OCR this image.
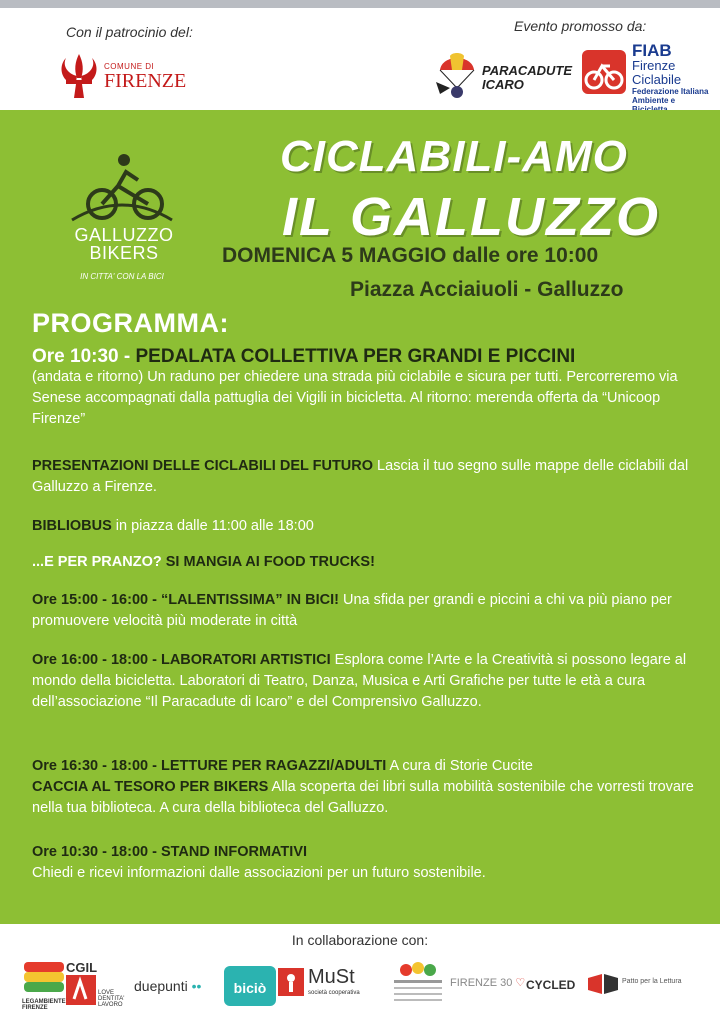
Con il patrocinio del:	Evento promosso da:
COMUNE DI
FIRENZE	PARACADUTE
ICARO
FIAB
Firenze
Ciclabile
Federazione Italiana
Ambiente e
GALLUZZO
BIKERS
IN CITTA' CON LA BICI
CICLABILI-AMO
IL GALLUZZO
DOMENICA 5 MAGGIO dalle ore 10:00
Piazza Acciaiuoli - Galluzzo
PROGRAMMA:
Ore 10:30 - PEDALATA COLLETTIVA PER GRANDI E PICCINI
(andata e ritorno) Un raduno per chiedere una strada più ciclabile e sicura per tutti. Percorreremo via Senese accompagnati dalla pattuglia dei Vigili in bicicletta. Al ritorno: merenda offerta da “Unicoop Firenze”
PRESENTAZIONI DELLE CICLABILI DEL FUTURO Lascia il tuo segno sulle mappe delle ciclabili dal Galluzzo a Firenze.
BIBLIOBUS in piazza dalle 11:00 alle 18:00
...E PER PRANZO? SI MANGIA AI FOOD TRUCKS!
Ore 15:00 - 16:00 - “LALENTISSIMA” IN BICI! Una sfida per grandi e piccini a chi va più piano per promuovere velocità più moderate in città
Ore 16:00 - 18:00 - LABORATORI ARTISTICI Esplora come l’Arte e la Creatività si possono legare al mondo della bicicletta. Laboratori di Teatro, Danza, Musica e Arti Grafiche per tutte le età a cura dell’associazione “Il Paracadute di Icaro” e del Comprensivo Galluzzo.
Ore 16:30 - 18:00 - LETTURE PER RAGAZZI/ADULTI A cura di Storie Cucite
CACCIA AL TESORO PER BIKERS Alla scoperta dei libri sulla mobilità sostenibile che vorresti trovare nella tua biblioteca. A cura della biblioteca del Galluzzo.
Ore 10:30 - 18:00 - STAND INFORMATIVI
Chiedi e ricevi informazioni dalle associazioni per un futuro sostenibile.
In collaborazione con:
LEGAMBIENTE FIRENZE
CGIL
LOVE DENTITA' LAVORO
duepunti ••	biciò	MuSt
società cooperativa
FIRENZE 30 ♡ CYCLED	Patto per la Lettura
